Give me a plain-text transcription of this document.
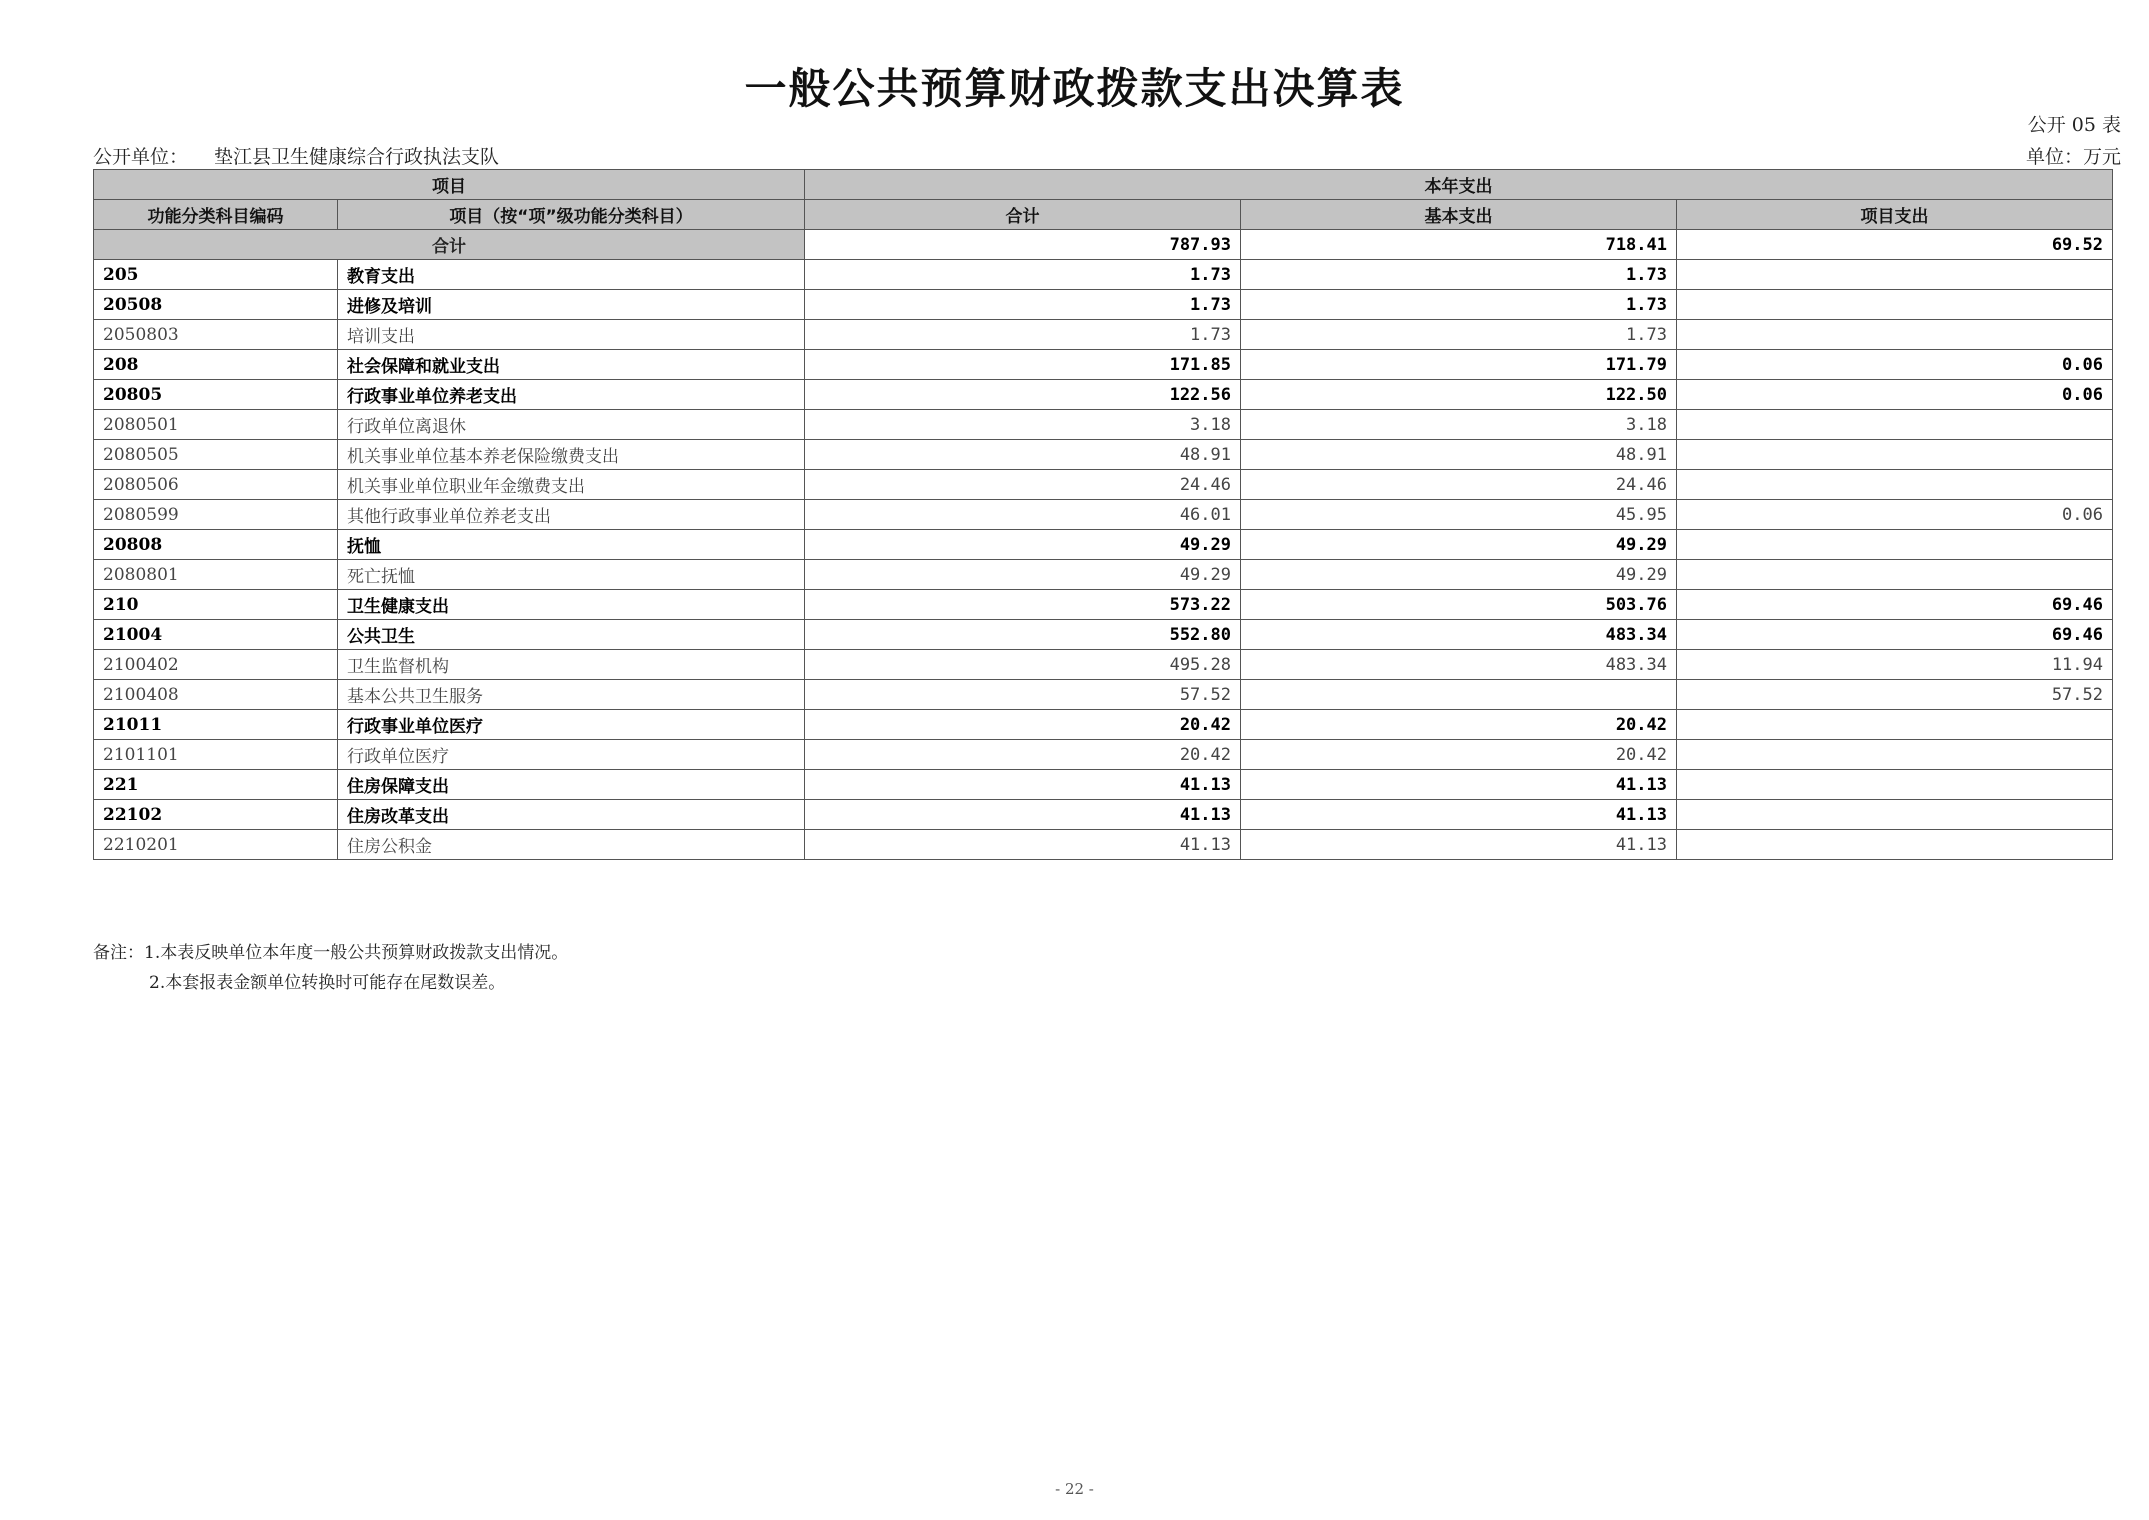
一般公共预算财政拨款支出决算表
公开 05 表
公开单位： 垫江县卫生健康综合行政执法支队	单位：万元
项目		本年支出		
功能分类科目编码	项目（按“项”级功能分类科目）	合计	基本支出	项目支出
合计		787.93	718.41	69.52
205	教育支出	1.73	1.73	
20508	进修及培训	1.73	1.73	
2050803	培训支出	1.73	1.73	
208	社会保障和就业支出	171.85	171.79	0.06
20805	行政事业单位养老支出	122.56	122.50	0.06
2080501	行政单位离退休	3.18	3.18	
2080505	机关事业单位基本养老保险缴费支出	48.91	48.91	
2080506	机关事业单位职业年金缴费支出	24.46	24.46	
2080599	其他行政事业单位养老支出	46.01	45.95	0.06
20808	抚恤	49.29	49.29	
2080801	死亡抚恤	49.29	49.29	
210	卫生健康支出	573.22	503.76	69.46
21004	公共卫生	552.80	483.34	69.46
2100402	卫生监督机构	495.28	483.34	11.94
2100408	基本公共卫生服务	57.52		57.52
21011	行政事业单位医疗	20.42	20.42	
2101101	行政单位医疗	20.42	20.42	
221	住房保障支出	41.13	41.13	
22102	住房改革支出	41.13	41.13	
2210201	住房公积金	41.13	41.13	
备注：1.本表反映单位本年度一般公共预算财政拨款支出情况。
2.本套报表金额单位转换时可能存在尾数误差。
- 22 -
